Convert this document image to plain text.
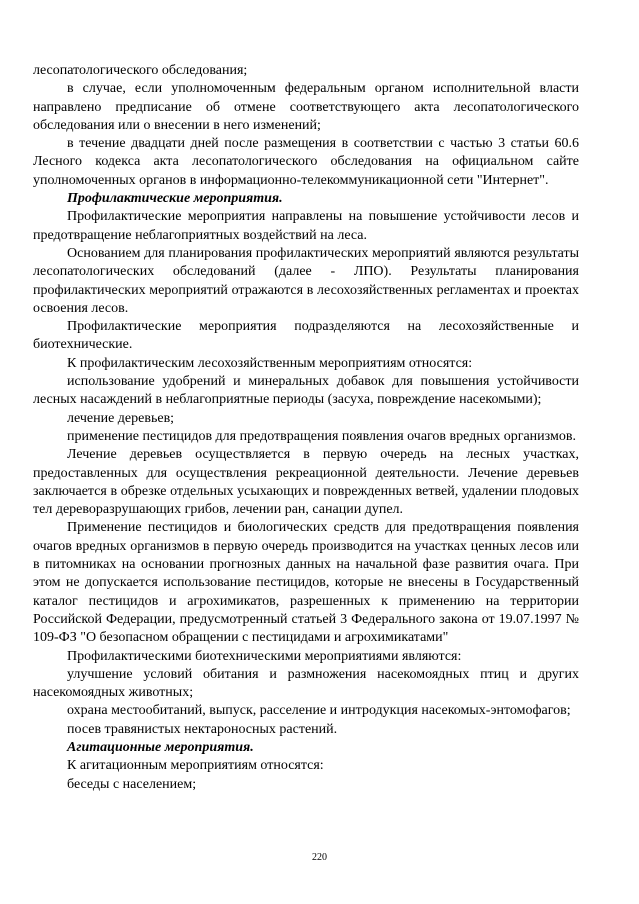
лесопатологического обследования;

в случае, если уполномоченным федеральным органом исполнительной власти направлено предписание об отмене соответствующего акта лесопатологического обследования или о внесении в него изменений;

в течение двадцати дней после размещения в соответствии с частью 3 статьи 60.6 Лесного кодекса акта лесопатологического обследования на официальном сайте уполномоченных органов в информационно-телекоммуникационной сети "Интернет".

Профилактические мероприятия.

Профилактические мероприятия направлены на повышение устойчивости лесов и предотвращение неблагоприятных воздействий на леса.

Основанием для планирования профилактических мероприятий являются результаты лесопатологических обследований (далее - ЛПО). Результаты планирования профилактических мероприятий отражаются в лесохозяйственных регламентах и проектах освоения лесов.

Профилактические мероприятия подразделяются на лесохозяйственные и биотехнические.

К профилактическим лесохозяйственным мероприятиям относятся:

использование удобрений и минеральных добавок для повышения устойчивости лесных насаждений в неблагоприятные периоды (засуха, повреждение насекомыми);

лечение деревьев;

применение пестицидов для предотвращения появления очагов вредных организмов.

Лечение деревьев осуществляется в первую очередь на лесных участках, предоставленных для осуществления рекреационной деятельности. Лечение деревьев заключается в обрезке отдельных усыхающих и поврежденных ветвей, удалении плодовых тел дереворазрушающих грибов, лечении ран, санации дупел.

Применение пестицидов и биологических средств для предотвращения появления очагов вредных организмов в первую очередь производится на участках ценных лесов или в питомниках на основании прогнозных данных на начальной фазе развития очага. При этом не допускается использование пестицидов, которые не внесены в Государственный каталог пестицидов и агрохимикатов, разрешенных к применению на территории Российской Федерации, предусмотренный статьей 3 Федерального закона от 19.07.1997 № 109-ФЗ "О безопасном обращении с пестицидами и агрохимикатами"

Профилактическими биотехническими мероприятиями являются:

улучшение условий обитания и размножения насекомоядных птиц и других насекомоядных животных;

охрана местообитаний, выпуск, расселение и интродукция насекомых-энтомофагов;

посев травянистых нектароносных растений.

Агитационные мероприятия.

К агитационным мероприятиям относятся:

беседы с населением;

220
